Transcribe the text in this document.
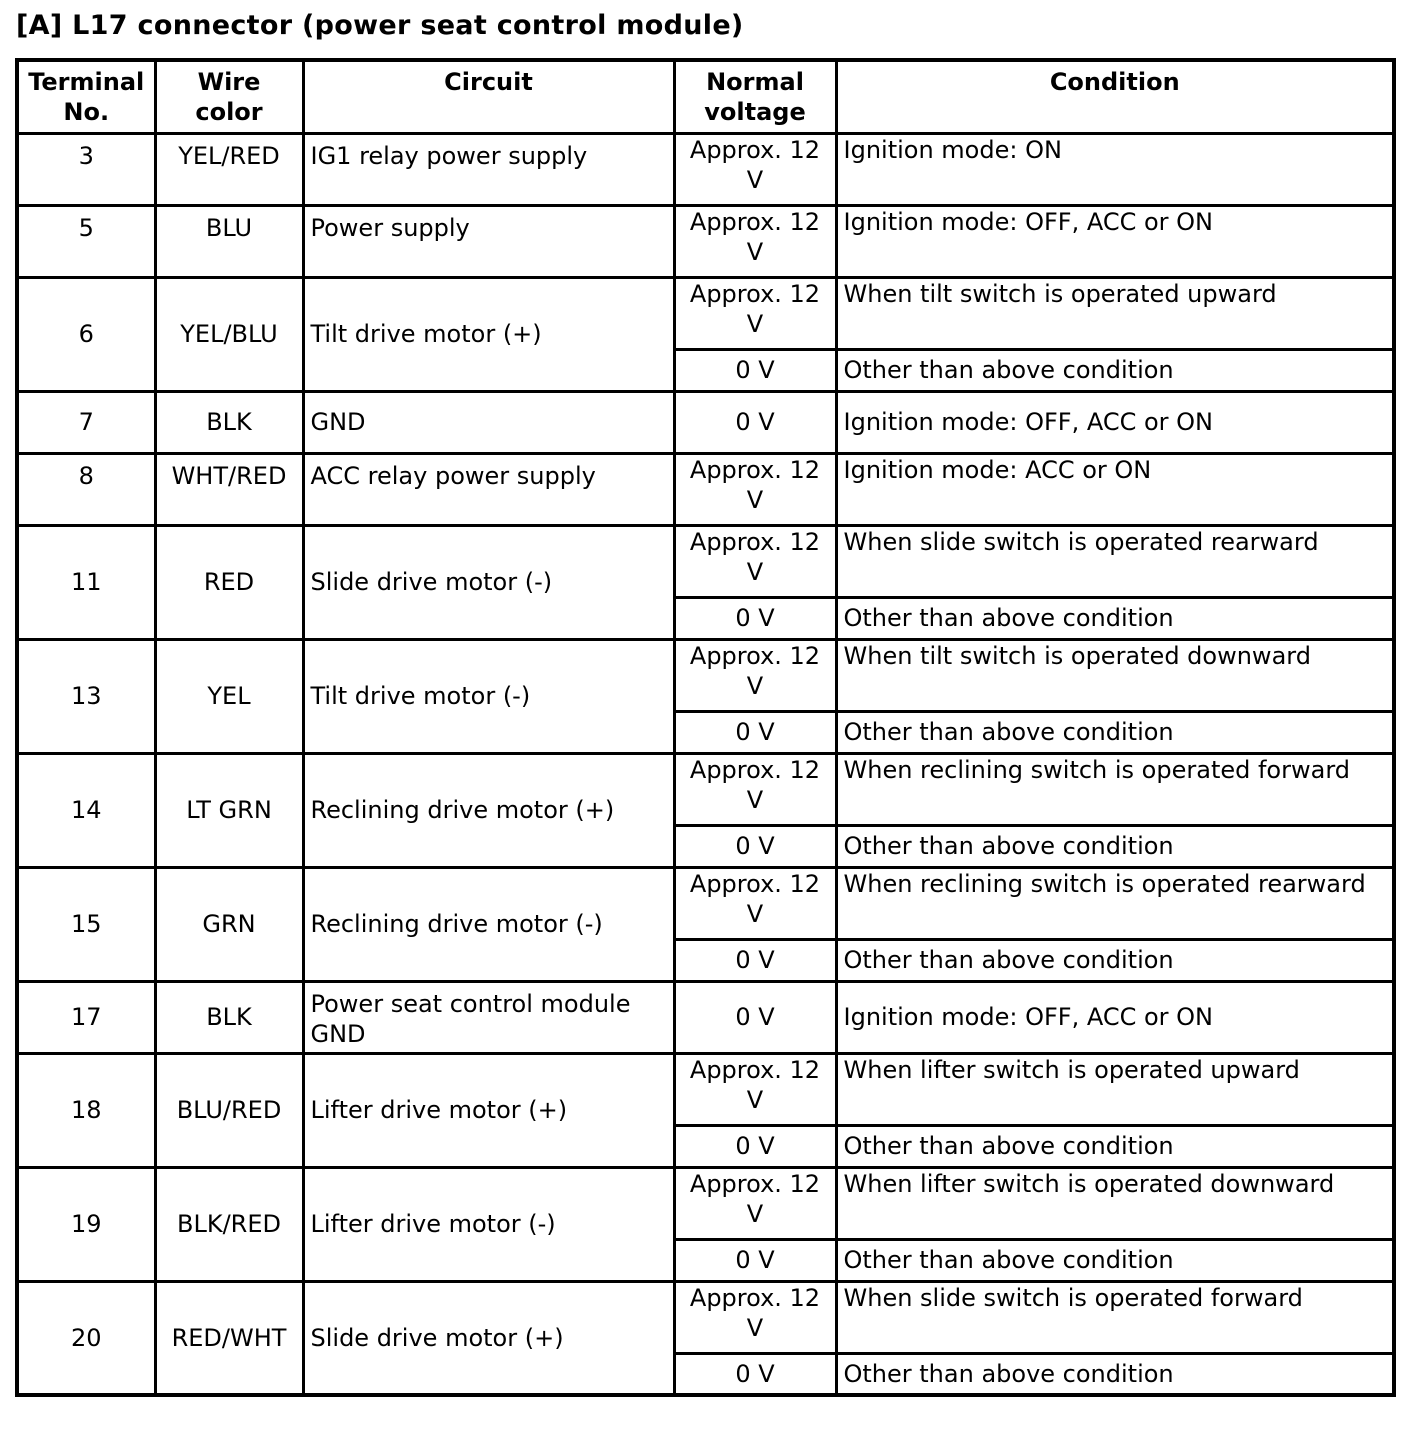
[A] L17 connector (power seat control module)
Terminal No.	Wire color	Circuit	Normal voltage	Condition
3	YEL/RED	IG1 relay power supply	Approx. 12 V	Ignition mode: ON
5	BLU	Power supply	Approx. 12 V	Ignition mode: OFF, ACC or ON
6	YEL/BLU	Tilt drive motor (+)	Approx. 12 V	When tilt switch is operated upward
			0 V	Other than above condition
7	BLK	GND	0 V	Ignition mode: OFF, ACC or ON
8	WHT/RED	ACC relay power supply	Approx. 12 V	Ignition mode: ACC or ON
11	RED	Slide drive motor (-)	Approx. 12 V	When slide switch is operated rearward
			0 V	Other than above condition
13	YEL	Tilt drive motor (-)	Approx. 12 V	When tilt switch is operated downward
			0 V	Other than above condition
14	LT GRN	Reclining drive motor (+)	Approx. 12 V	When reclining switch is operated forward
			0 V	Other than above condition
15	GRN	Reclining drive motor (-)	Approx. 12 V	When reclining switch is operated rearward
			0 V	Other than above condition
17	BLK	Power seat control module GND	0 V	Ignition mode: OFF, ACC or ON
18	BLU/RED	Lifter drive motor (+)	Approx. 12 V	When lifter switch is operated upward
			0 V	Other than above condition
19	BLK/RED	Lifter drive motor (-)	Approx. 12 V	When lifter switch is operated downward
			0 V	Other than above condition
20	RED/WHT	Slide drive motor (+)	Approx. 12 V	When slide switch is operated forward
			0 V	Other than above condition
